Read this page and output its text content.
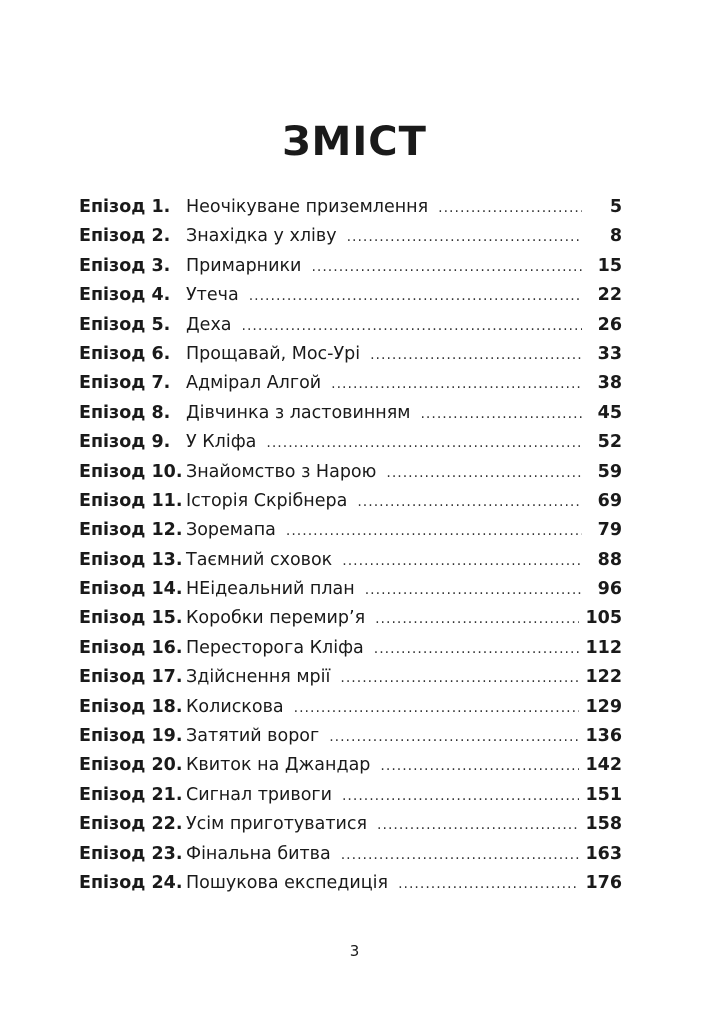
ЗМІСТ
Епізод 1. Неочікуване приземлення .....	5
Епізод 2. Знахідка у хліву .....	8
Епізод 3. Примарники .....	15
Епізод 4. Утеча .....	22
Епізод 5. Деха .....	26
Епізод 6. Прощавай, Мос-Урі .....	33
Епізод 7. Адмірал Алгой .....	38
Епізод 8. Дівчинка з ластовинням .....	45
Епізод 9. У Кліфа .....	52
Епізод 10. Знайомство з Нарою .....	59
Епізод 11. Історія Скрібнера .....	69
Епізод 12. Зоремапа .....	79
Епізод 13. Таємний сховок .....	88
Епізод 14. НЕідеальний план .....	96
Епізод 15. Коробки перемир’я .....	105
Епізод 16. Пересторога Кліфа .....	112
Епізод 17. Здійснення мрії .....	122
Епізод 18. Колискова .....	129
Епізод 19. Затятий ворог .....	136
Епізод 20. Квиток на Джандар .....	142
Епізод 21. Сигнал тривоги .....	151
Епізод 22. Усім приготуватися .....	158
Епізод 23. Фінальна битва .....	163
Епізод 24. Пошукова експедиція .....	176
3
